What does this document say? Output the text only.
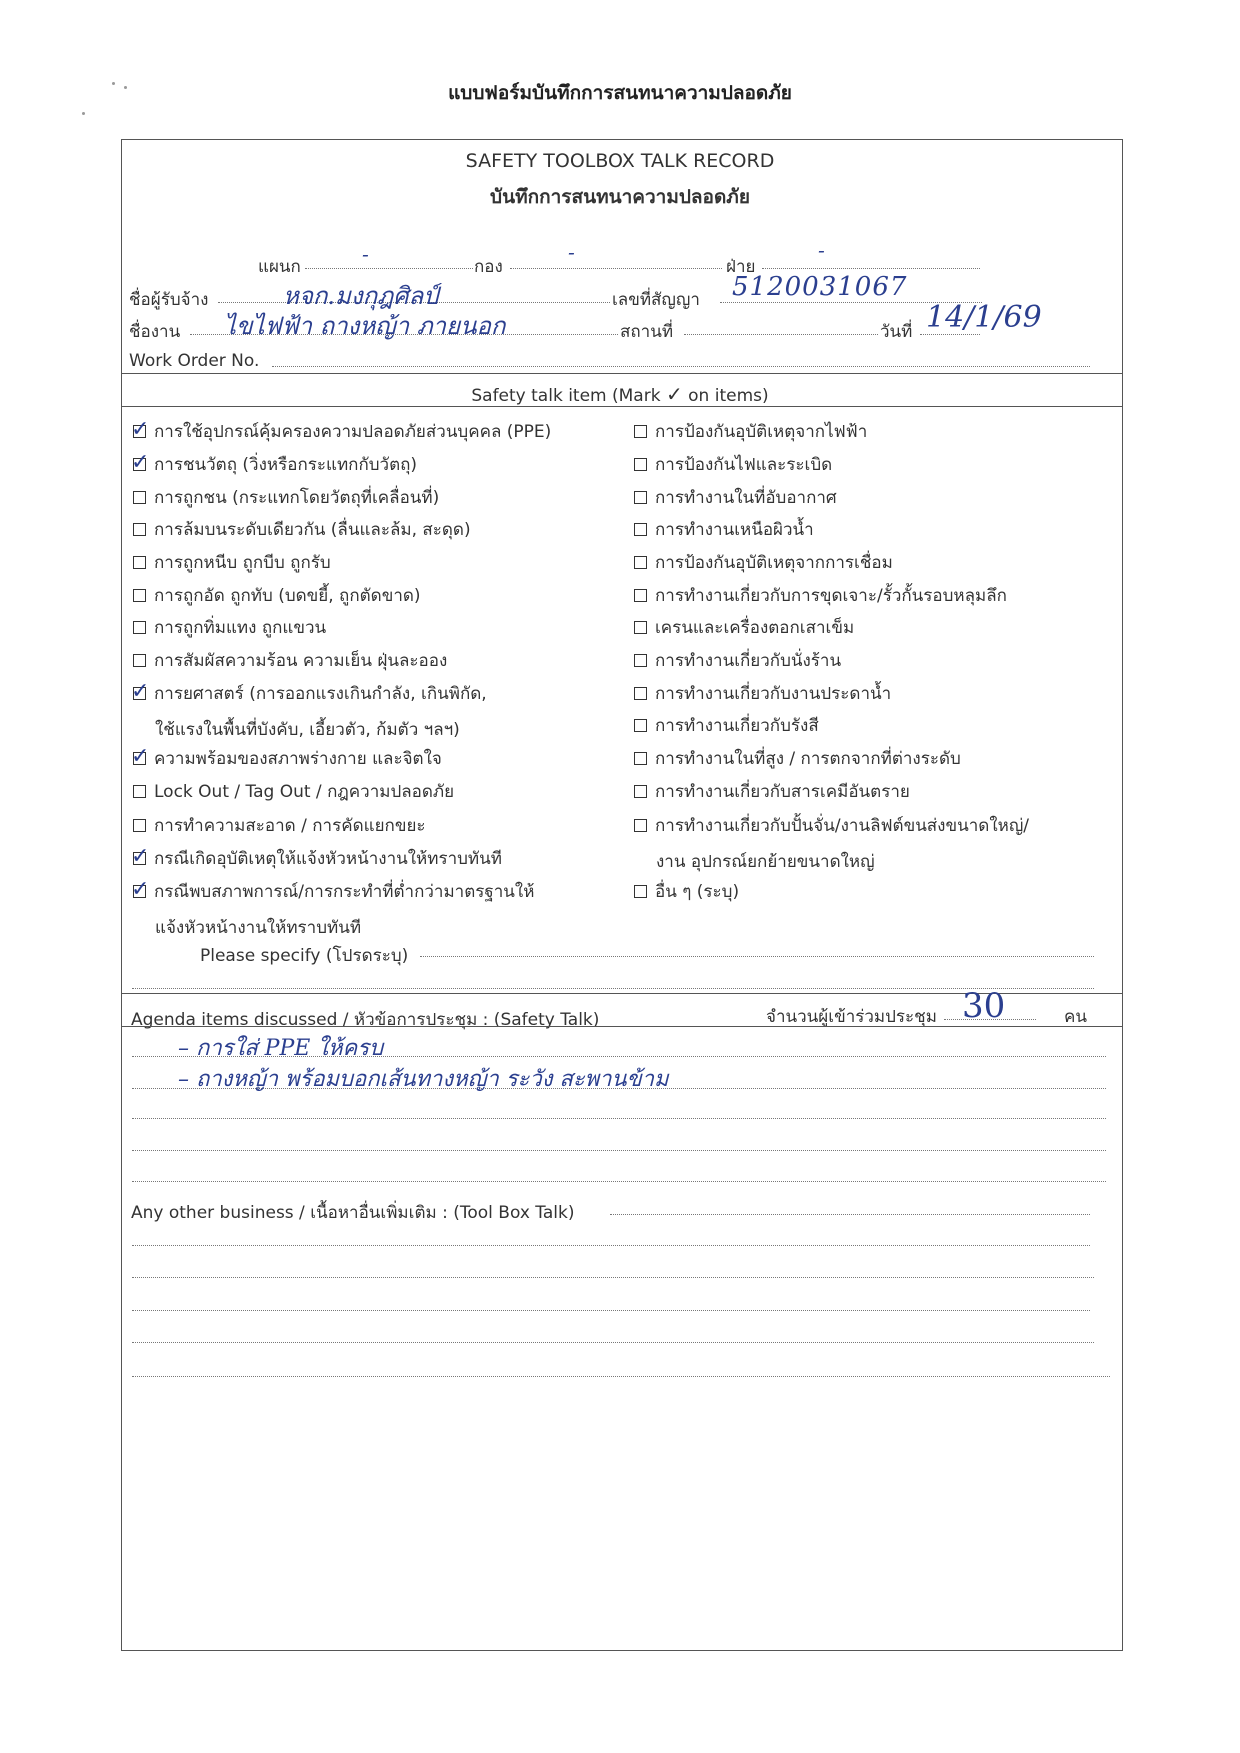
แบบฟอร์มบันทึกการสนทนาความปลอดภัย
SAFETY TOOLBOX TALK RECORD
บันทึกการสนทนาความปลอดภัย
แผนก
-
กอง
-
ฝ่าย
-
ชื่อผู้รับจ้าง	หจก.มงกุฎศิลป์	เลขที่สัญญา 5120031067
ชื่องาน ไขไฟฟ้า ถางหญ้า ภายนอก	สถานที่	วันที่ 14/1/69
Work Order No.
Safety talk item (Mark ✓ on items)
✓ การใช้อุปกรณ์คุ้มครองความปลอดภัยส่วนบุคคล (PPE)
✓ การชนวัตถุ (วิ่งหรือกระแทกกับวัตถุ)
การถูกชน (กระแทกโดยวัตถุที่เคลื่อนที่)
การล้มบนระดับเดียวกัน (ลื่นและล้ม, สะดุด)
การถูกหนีบ ถูกบีบ ถูกรับ
การถูกอัด ถูกทับ (บดขยี้, ถูกตัดขาด)
การถูกทิ่มแทง ถูกแขวน
การสัมผัสความร้อน ความเย็น ฝุ่นละออง
✓ การยศาสตร์ (การออกแรงเกินกำลัง, เกินพิกัด,
ใช้แรงในพื้นที่บังคับ, เอี้ยวตัว, ก้มตัว ฯลฯ)
✓ ความพร้อมของสภาพร่างกาย และจิตใจ
Lock Out / Tag Out / กฎความปลอดภัย
การทำความสะอาด / การคัดแยกขยะ
✓ กรณีเกิดอุบัติเหตุให้แจ้งหัวหน้างานให้ทราบทันที
✓ กรณีพบสภาพการณ์/การกระทำที่ต่ำกว่ามาตรฐานให้
แจ้งหัวหน้างานให้ทราบทันที
การป้องกันอุบัติเหตุจากไฟฟ้า
การป้องกันไฟและระเบิด
การทำงานในที่อับอากาศ
การทำงานเหนือผิวน้ำ
การป้องกันอุบัติเหตุจากการเชื่อม
การทำงานเกี่ยวกับการขุดเจาะ/รั้วกั้นรอบหลุมลึก
เครนและเครื่องตอกเสาเข็ม
การทำงานเกี่ยวกับนั่งร้าน
การทำงานเกี่ยวกับงานประดาน้ำ
การทำงานเกี่ยวกับรังสี
การทำงานในที่สูง / การตกจากที่ต่างระดับ
การทำงานเกี่ยวกับสารเคมีอันตราย
การทำงานเกี่ยวกับปั้นจั่น/งานลิฟต์ขนส่งขนาดใหญ่/
งาน อุปกรณ์ยกย้ายขนาดใหญ่
อื่น ๆ (ระบุ)
Please specify (โปรดระบุ)
Agenda items discussed / หัวข้อการประชุม : (Safety Talk)	จำนวนผู้เข้าร่วมประชุม 30	คน
– การใส่ PPE ให้ครบ
– ถางหญ้า พร้อมบอกเส้นทางหญ้า ระวัง สะพานข้าม
Any other business / เนื้อหาอื่นเพิ่มเติม : (Tool Box Talk)
